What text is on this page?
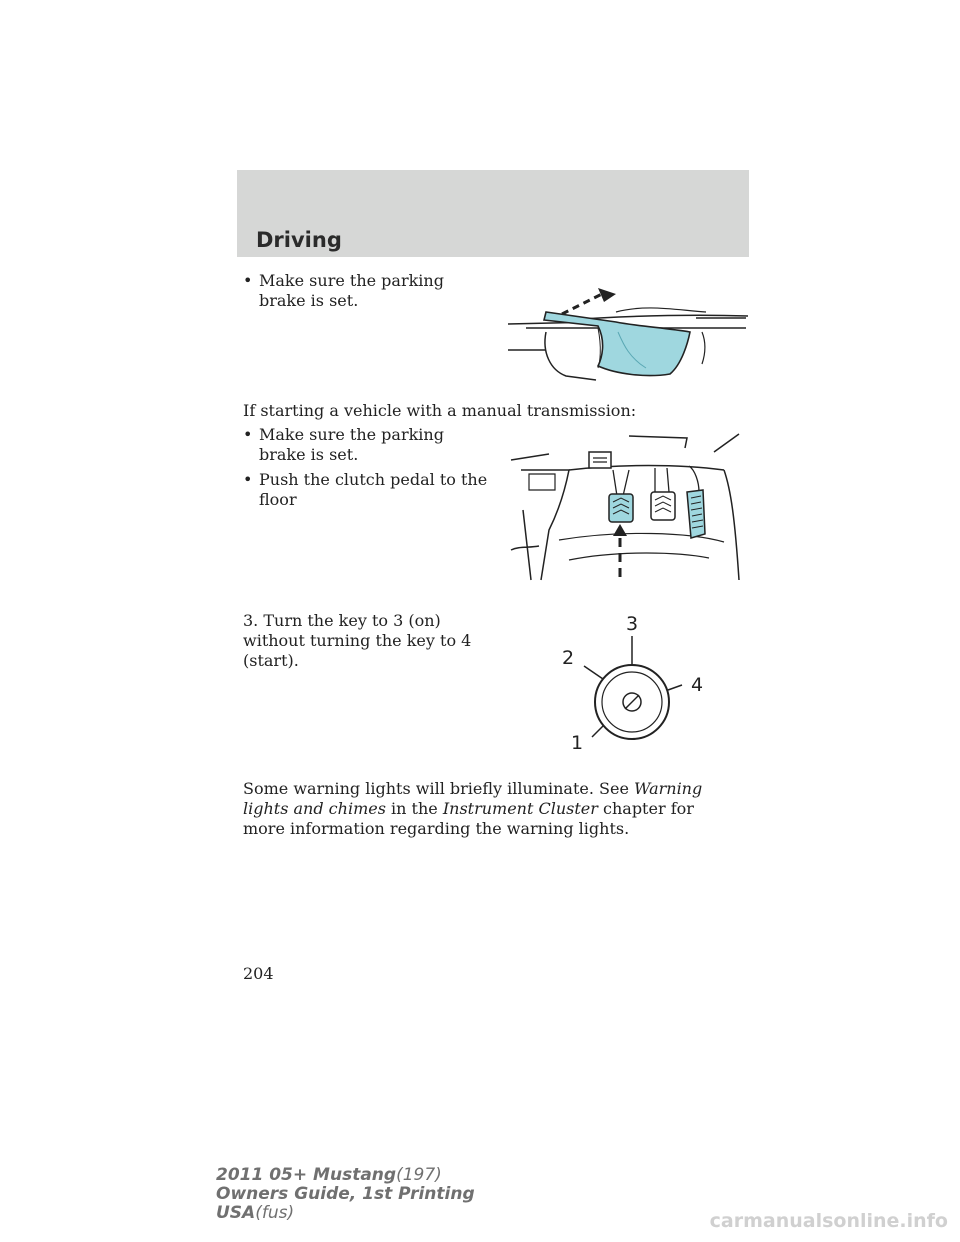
Driving
• Make sure the parking brake is set.
If starting a vehicle with a manual transmission:
• Make sure the parking brake is set.
• Push the clutch pedal to the floor
3. Turn the key to 3 (on) without turning the key to 4 (start).
3
2
4
1
Some warning lights will briefly illuminate. See Warning lights and chimes in the Instrument Cluster chapter for more information regarding the warning lights.
204
2011 05+ Mustang(197)
Owners Guide, 1st Printing
USA(fus)	carmanualsonline.info
